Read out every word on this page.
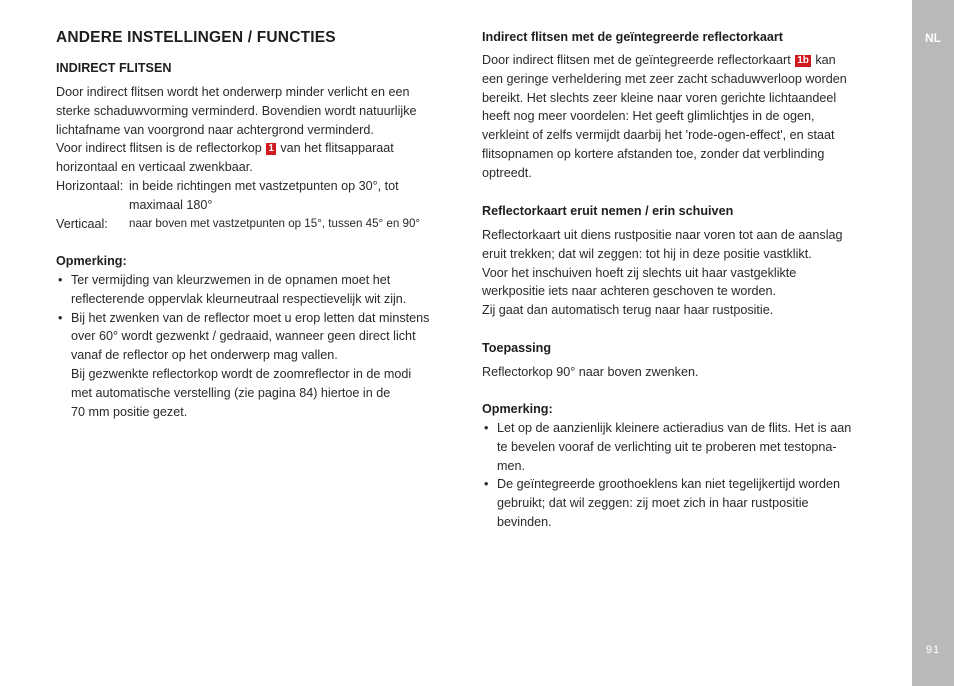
ANDERE INSTELLINGEN / FUNCTIES
INDIRECT FLITSEN
Door indirect flitsen wordt het onderwerp minder verlicht en een
sterke schaduwvorming verminderd. Bovendien wordt natuurlijke
lichtafname van voorgrond naar achtergrond verminderd.
Voor indirect flitsen is de reflectorkop 1 van het flitsapparaat
horizontaal en verticaal zwenkbaar.
Horizontaal: in beide richtingen met vastzetpunten op 30°, tot
maximaal 180°
Verticaal:	naar boven met vastzetpunten op 15°, tussen 45° en 90°
Opmerking:
• Ter vermijding van kleurzwemen in de opnamen moet het
reflecterende oppervlak kleurneutraal respectievelijk wit zijn.
• Bij het zwenken van de reflector moet u erop letten dat minstens
over 60° wordt gezwenkt / gedraaid, wanneer geen direct licht
vanaf de reflector op het onderwerp mag vallen.
Bij gezwenkte reflectorkop wordt de zoomreflector in de modi
met automatische verstelling (zie pagina 84) hiertoe in de
70 mm positie gezet.
Indirect flitsen met de geïntegreerde reflectorkaart
Door indirect flitsen met de geïntegreerde reflectorkaart 1b kan
een geringe verheldering met zeer zacht schaduwverloop worden
bereikt. Het slechts zeer kleine naar voren gerichte lichtaandeel
heeft nog meer voordelen: Het geeft glimlichtjes in de ogen,
verkleint of zelfs vermijdt daarbij het 'rode-ogen-effect', en staat
flitsopnamen op kortere afstanden toe, zonder dat verblinding
optreedt.
Reflectorkaart eruit nemen / erin schuiven
Reflectorkaart uit diens rustpositie naar voren tot aan de aanslag
eruit trekken; dat wil zeggen: tot hij in deze positie vastklikt.
Voor het inschuiven hoeft zij slechts uit haar vastgeklikte
werkpositie iets naar achteren geschoven te worden.
Zij gaat dan automatisch terug naar haar rustpositie.
Toepassing
Reflectorkop 90° naar boven zwenken.
Opmerking:
• Let op de aanzienlijk kleinere actieradius van de flits. Het is aan
te bevelen vooraf de verlichting uit te proberen met testopna-
men.
• De geïntegreerde groothoeklens kan niet tegelijkertijd worden
gebruikt; dat wil zeggen: zij moet zich in haar rustpositie
bevinden.
NL
91
